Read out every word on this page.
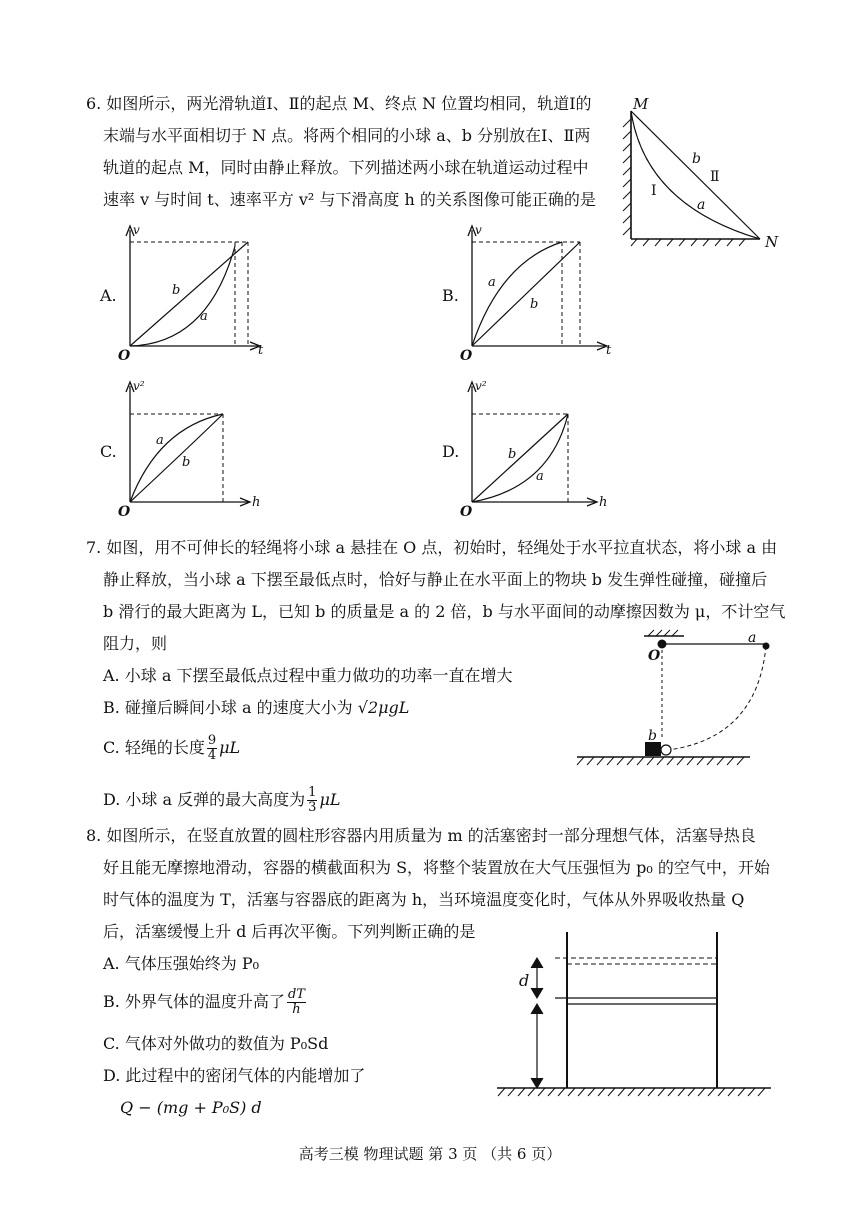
6. 如图所示，两光滑轨道Ⅰ、Ⅱ的起点 M、终点 N 位置均相同，轨道Ⅰ的
末端与水平面相切于 N 点。将两个相同的小球 a、b 分别放在Ⅰ、Ⅱ两
轨道的起点 M，同时由静止释放。下列描述两小球在轨道运动过程中
速率 v 与时间 t、速率平方 v² 与下滑高度 h 的关系图像可能正确的是
M
N
Ⅰ
Ⅱ
b
a
A.
v
t
O
b
a
B.
v
t
O
a
b
C.
v²
h
O
a
b
D.
v²
h
O
b
a
7. 如图，用不可伸长的轻绳将小球 a 悬挂在 O 点，初始时，轻绳处于水平拉直状态，将小球 a 由
静止释放，当小球 a 下摆至最低点时，恰好与静止在水平面上的物块 b 发生弹性碰撞，碰撞后
b 滑行的最大距离为 L，已知 b 的质量是 a 的 2 倍，b 与水平面间的动摩擦因数为 μ，不计空气
阻力，则
A. 小球 a 下摆至最低点过程中重力做功的功率一直在增大
B. 碰撞后瞬间小球 a 的速度大小为 √2μgL
C. 轻绳的长度 $\frac{9}{4}$ μL
D. 小球 a 反弹的最大高度为 $\frac{1}{3}$ μL
O
a
b
8. 如图所示，在竖直放置的圆柱形容器内用质量为 m 的活塞密封一部分理想气体，活塞导热良
好且能无摩擦地滑动，容器的横截面积为 S，将整个装置放在大气压强恒为 p₀ 的空气中，开始
时气体的温度为 T，活塞与容器底的距离为 h，当环境温度变化时，气体从外界吸收热量 Q
后，活塞缓慢上升 d 后再次平衡。下列判断正确的是
A. 气体压强始终为 P₀
B. 外界气体的温度升高了 $\frac{dT}{h}$
C. 气体对外做功的数值为 P₀Sd
D. 此过程中的密闭气体的内能增加了
Q − (mg + P₀S) d
d
高考三模 物理试题 第 3 页 （共 6 页）
